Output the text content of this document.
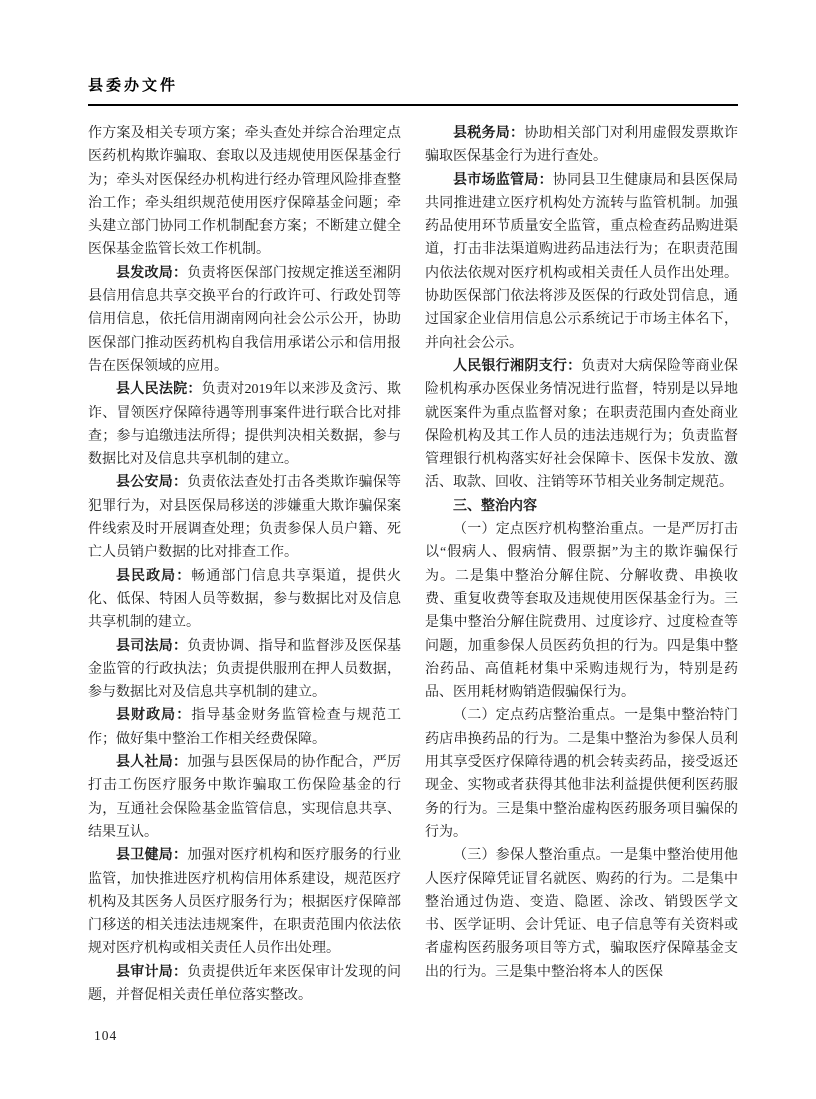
县委办文件

作方案及相关专项方案；牵头查处并综合治理定点医药机构欺诈骗取、套取以及违规使用医保基金行为；牵头对医保经办机构进行经办管理风险排查整治工作；牵头组织规范使用医疗保障基金问题；牵头建立部门协同工作机制配套方案；不断建立健全医保基金监管长效工作机制。

县发改局：负责将医保部门按规定推送至湘阴县信用信息共享交换平台的行政许可、行政处罚等信用信息，依托信用湖南网向社会公示公开，协助医保部门推动医药机构自我信用承诺公示和信用报告在医保领域的应用。

县人民法院：负责对2019年以来涉及贪污、欺诈、冒领医疗保障待遇等刑事案件进行联合比对排查；参与追缴违法所得；提供判决相关数据，参与数据比对及信息共享机制的建立。

县公安局：负责依法查处打击各类欺诈骗保等犯罪行为，对县医保局移送的涉嫌重大欺诈骗保案件线索及时开展调查处理；负责参保人员户籍、死亡人员销户数据的比对排查工作。

县民政局：畅通部门信息共享渠道，提供火化、低保、特困人员等数据，参与数据比对及信息共享机制的建立。

县司法局：负责协调、指导和监督涉及医保基金监管的行政执法；负责提供服刑在押人员数据，参与数据比对及信息共享机制的建立。

县财政局：指导基金财务监管检查与规范工作；做好集中整治工作相关经费保障。

县人社局：加强与县医保局的协作配合，严厉打击工伤医疗服务中欺诈骗取工伤保险基金的行为，互通社会保险基金监管信息，实现信息共享、结果互认。

县卫健局：加强对医疗机构和医疗服务的行业监管，加快推进医疗机构信用体系建设，规范医疗机构及其医务人员医疗服务行为；根据医疗保障部门移送的相关违法违规案件，在职责范围内依法依规对医疗机构或相关责任人员作出处理。

县审计局：负责提供近年来医保审计发现的问题，并督促相关责任单位落实整改。

县税务局：协助相关部门对利用虚假发票欺诈骗取医保基金行为进行查处。

县市场监管局：协同县卫生健康局和县医保局共同推进建立医疗机构处方流转与监管机制。加强药品使用环节质量安全监管，重点检查药品购进渠道，打击非法渠道购进药品违法行为；在职责范围内依法依规对医疗机构或相关责任人员作出处理。协助医保部门依法将涉及医保的行政处罚信息，通过国家企业信用信息公示系统记于市场主体名下，并向社会公示。

人民银行湘阴支行：负责对大病保险等商业保险机构承办医保业务情况进行监督，特别是以异地就医案件为重点监督对象；在职责范围内查处商业保险机构及其工作人员的违法违规行为；负责监督管理银行机构落实好社会保障卡、医保卡发放、激活、取款、回收、注销等环节相关业务制定规范。

三、整治内容

（一）定点医疗机构整治重点。一是严厉打击以“假病人、假病情、假票据”为主的欺诈骗保行为。二是集中整治分解住院、分解收费、串换收费、重复收费等套取及违规使用医保基金行为。三是集中整治分解住院费用、过度诊疗、过度检查等问题，加重参保人员医药负担的行为。四是集中整治药品、高值耗材集中采购违规行为，特别是药品、医用耗材购销造假骗保行为。

（二）定点药店整治重点。一是集中整治特门药店串换药品的行为。二是集中整治为参保人员利用其享受医疗保障待遇的机会转卖药品，接受返还现金、实物或者获得其他非法利益提供便利医药服务的行为。三是集中整治虚构医药服务项目骗保的行为。

（三）参保人整治重点。一是集中整治使用他人医疗保障凭证冒名就医、购药的行为。二是集中整治通过伪造、变造、隐匿、涂改、销毁医学文书、医学证明、会计凭证、电子信息等有关资料或者虚构医药服务项目等方式，骗取医疗保障基金支出的行为。三是集中整治将本人的医保

104
